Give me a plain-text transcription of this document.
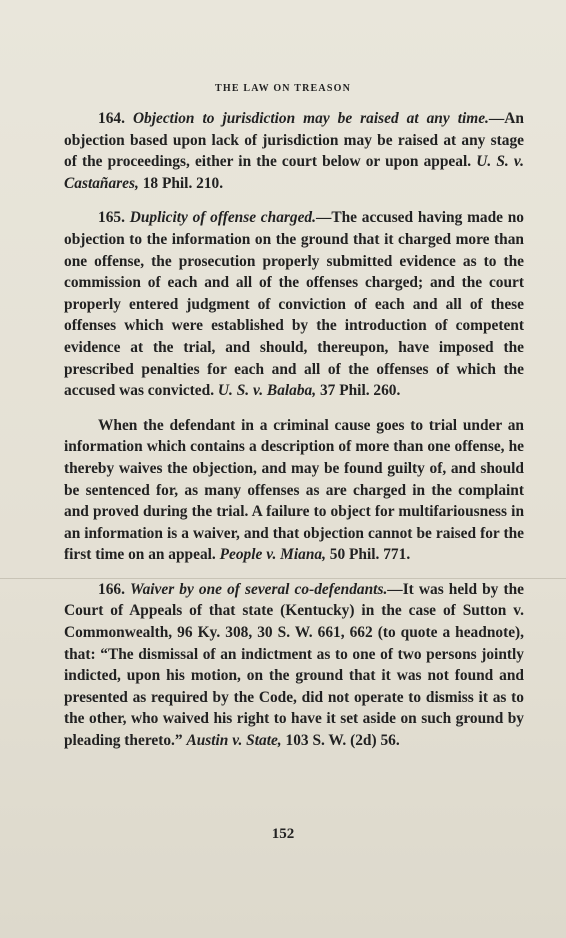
THE LAW ON TREASON

164. Objection to jurisdiction may be raised at any time.—An objection based upon lack of jurisdiction may be raised at any stage of the proceedings, either in the court below or upon appeal. U. S. v. Castañares, 18 Phil. 210.

165. Duplicity of offense charged.—The accused having made no objection to the information on the ground that it charged more than one offense, the prosecution properly submitted evidence as to the commission of each and all of the offenses charged; and the court properly entered judgment of conviction of each and all of these offenses which were established by the introduction of competent evidence at the trial, and should, thereupon, have imposed the prescribed penalties for each and all of the offenses of which the accused was convicted. U. S. v. Balaba, 37 Phil. 260.

When the defendant in a criminal cause goes to trial under an information which contains a description of more than one offense, he thereby waives the objection, and may be found guilty of, and should be sentenced for, as many offenses as are charged in the complaint and proved during the trial. A failure to object for multifariousness in an information is a waiver, and that objection cannot be raised for the first time on an appeal. People v. Miana, 50 Phil. 771.

166. Waiver by one of several co-defendants.—It was held by the Court of Appeals of that state (Kentucky) in the case of Sutton v. Commonwealth, 96 Ky. 308, 30 S. W. 661, 662 (to quote a headnote), that: “The dismissal of an indictment as to one of two persons jointly indicted, upon his motion, on the ground that it was not found and presented as required by the Code, did not operate to dismiss it as to the other, who waived his right to have it set aside on such ground by pleading thereto.” Austin v. State, 103 S. W. (2d) 56.

152
